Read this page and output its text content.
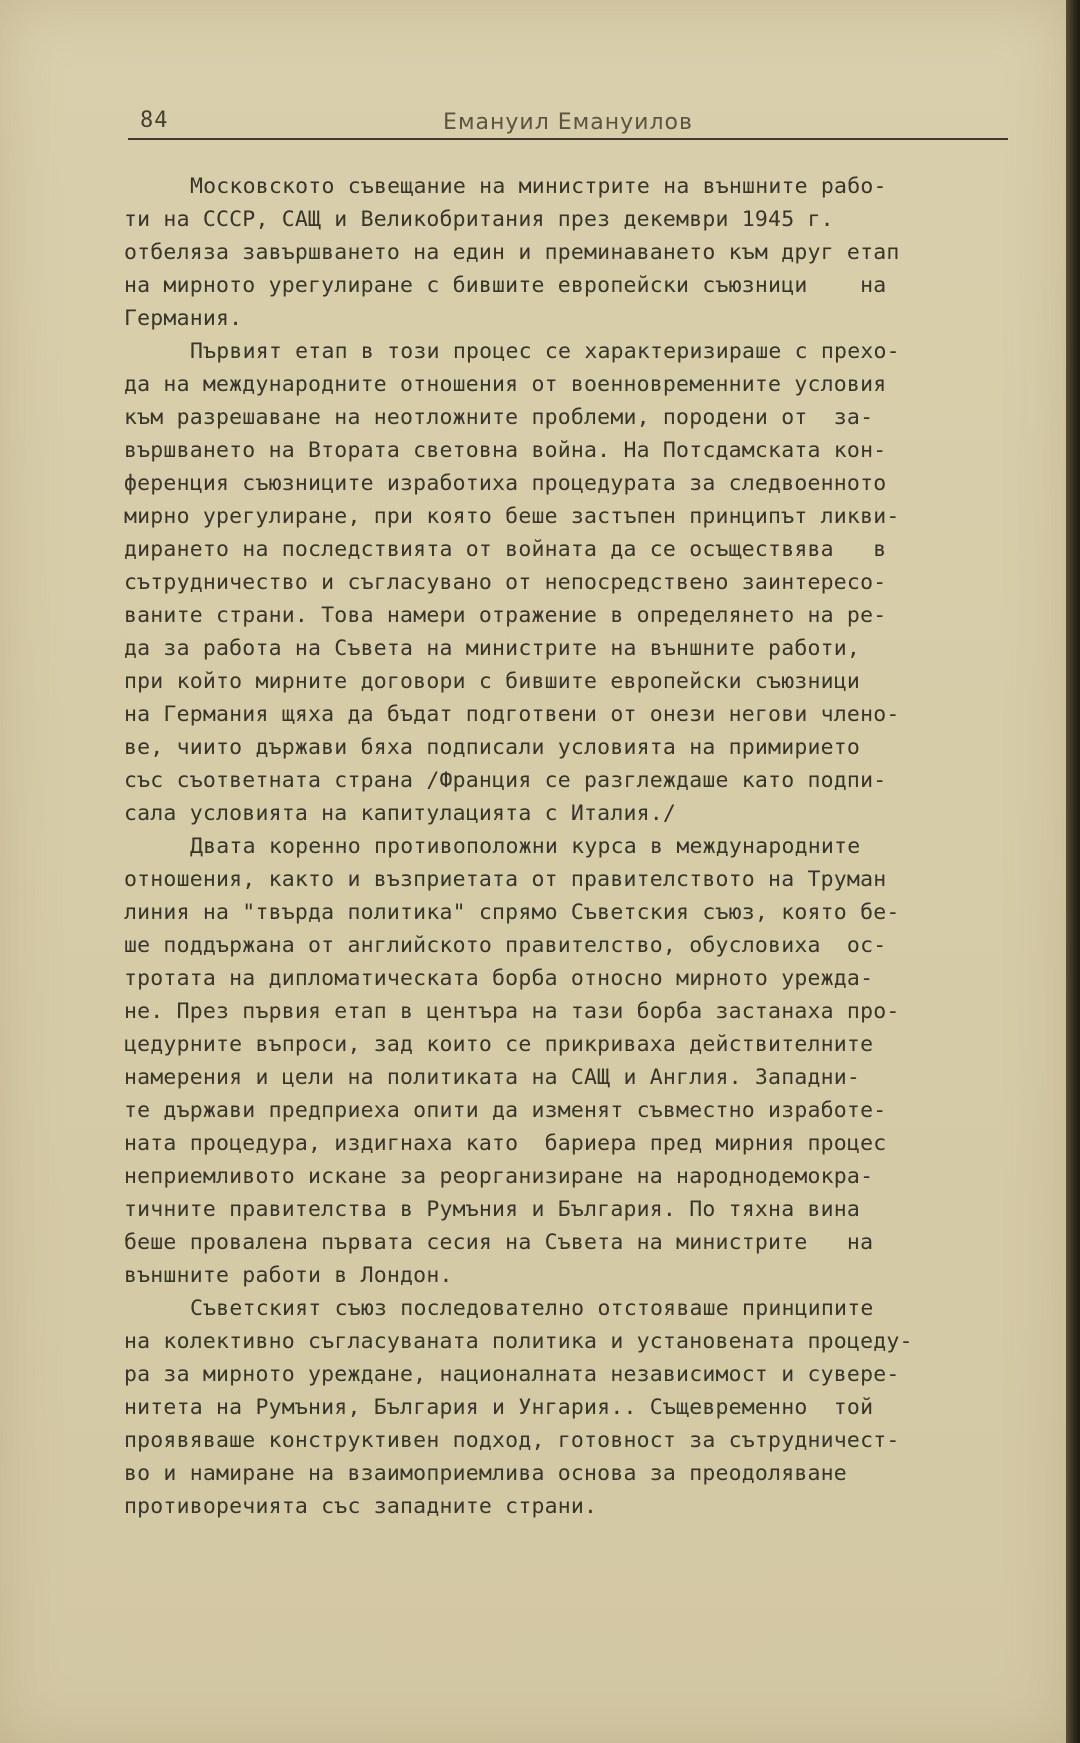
84	Емануил Емануилов
Московското съвещание на министрите на външните рабо-
ти на СССР, САЩ и Великобритания през декември 1945 г.
отбеляза завършването на един и преминаването към друг етап
на мирното урегулиране с бившите европейски съюзници    на
Германия.
Първият етап в този процес се характеризираше с прехо-
да на международните отношения от военновременните условия
към разрешаване на неотложните проблеми, породени от  за-
вършването на Втората световна война. На Потсдамската кон-
ференция съюзниците изработиха процедурата за следвоенното
мирно урегулиране, при която беше застъпен принципът ликви-
дирането на последствията от войната да се осъществява   в
сътрудничество и съгласувано от непосредствено заинтересо-
ваните страни. Това намери отражение в определянето на ре-
да за работа на Съвета на министрите на външните работи,
при който мирните договори с бившите европейски съюзници
на Германия щяха да бъдат подготвени от онези негови члено-
ве, чиито държави бяха подписали условията на примирието
със съответната страна /Франция се разглеждаше като подпи-
сала условията на капитулацията с Италия./
Двата коренно противоположни курса в международните
отношения, както и възприетата от правителството на Труман
линия на "твърда политика" спрямо Съветския съюз, която бе-
ше поддържана от английското правителство, обусловиха  ос-
тротата на дипломатическата борба относно мирното урежда-
не. През първия етап в центъра на тази борба застанаха про-
цедурните въпроси, зад които се прикриваха действителните
намерения и цели на политиката на САЩ и Англия. Западни-
те държави предприеха опити да изменят съвместно изработе-
ната процедура, издигнаха като  бариера пред мирния процес
неприемливото искане за реорганизиране на народнодемокра-
тичните правителства в Румъния и България. По тяхна вина
беше провалена първата сесия на Съвета на министрите   на
външните работи в Лондон.
Съветският съюз последователно отстояваше принципите
на колективно съгласуваната политика и установената процеду-
ра за мирното уреждане, националната независимост и сувере-
нитета на Румъния, България и Унгария.. Същевременно  той
проявяваше конструктивен подход, готовност за сътрудничест-
во и намиране на взаимоприемлива основа за преодоляване
противоречията със западните страни.
